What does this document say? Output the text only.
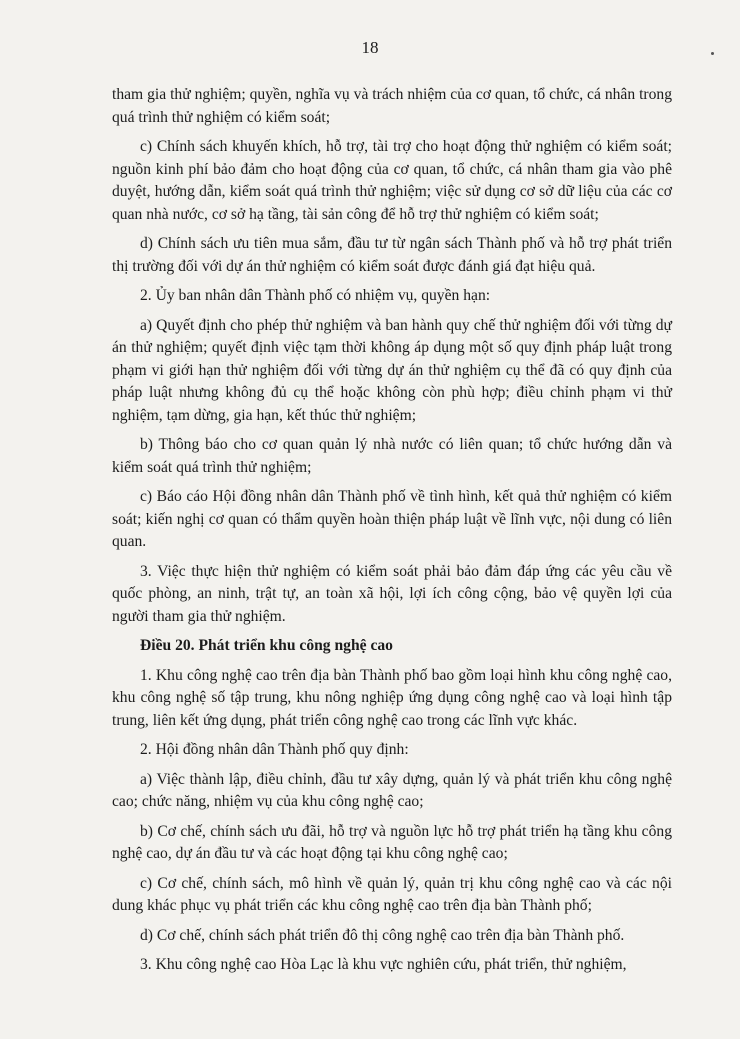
18

tham gia thử nghiệm; quyền, nghĩa vụ và trách nhiệm của cơ quan, tổ chức, cá nhân trong quá trình thử nghiệm có kiểm soát;

c) Chính sách khuyến khích, hỗ trợ, tài trợ cho hoạt động thử nghiệm có kiểm soát; nguồn kinh phí bảo đảm cho hoạt động của cơ quan, tổ chức, cá nhân tham gia vào phê duyệt, hướng dẫn, kiểm soát quá trình thử nghiệm; việc sử dụng cơ sở dữ liệu của các cơ quan nhà nước, cơ sở hạ tầng, tài sản công để hỗ trợ thử nghiệm có kiểm soát;

d) Chính sách ưu tiên mua sắm, đầu tư từ ngân sách Thành phố và hỗ trợ phát triển thị trường đối với dự án thử nghiệm có kiểm soát được đánh giá đạt hiệu quả.

2. Ủy ban nhân dân Thành phố có nhiệm vụ, quyền hạn:

a) Quyết định cho phép thử nghiệm và ban hành quy chế thử nghiệm đối với từng dự án thử nghiệm; quyết định việc tạm thời không áp dụng một số quy định pháp luật trong phạm vi giới hạn thử nghiệm đối với từng dự án thử nghiệm cụ thể đã có quy định của pháp luật nhưng không đủ cụ thể hoặc không còn phù hợp; điều chỉnh phạm vi thử nghiệm, tạm dừng, gia hạn, kết thúc thử nghiệm;

b) Thông báo cho cơ quan quản lý nhà nước có liên quan; tổ chức hướng dẫn và kiểm soát quá trình thử nghiệm;

c) Báo cáo Hội đồng nhân dân Thành phố về tình hình, kết quả thử nghiệm có kiểm soát; kiến nghị cơ quan có thẩm quyền hoàn thiện pháp luật về lĩnh vực, nội dung có liên quan.

3. Việc thực hiện thử nghiệm có kiểm soát phải bảo đảm đáp ứng các yêu cầu về quốc phòng, an ninh, trật tự, an toàn xã hội, lợi ích công cộng, bảo vệ quyền lợi của người tham gia thử nghiệm.

Điều 20. Phát triển khu công nghệ cao

1. Khu công nghệ cao trên địa bàn Thành phố bao gồm loại hình khu công nghệ cao, khu công nghệ số tập trung, khu nông nghiệp ứng dụng công nghệ cao và loại hình tập trung, liên kết ứng dụng, phát triển công nghệ cao trong các lĩnh vực khác.

2. Hội đồng nhân dân Thành phố quy định:

a) Việc thành lập, điều chỉnh, đầu tư xây dựng, quản lý và phát triển khu công nghệ cao; chức năng, nhiệm vụ của khu công nghệ cao;

b) Cơ chế, chính sách ưu đãi, hỗ trợ và nguồn lực hỗ trợ phát triển hạ tầng khu công nghệ cao, dự án đầu tư và các hoạt động tại khu công nghệ cao;

c) Cơ chế, chính sách, mô hình về quản lý, quản trị khu công nghệ cao và các nội dung khác phục vụ phát triển các khu công nghệ cao trên địa bàn Thành phố;

d) Cơ chế, chính sách phát triển đô thị công nghệ cao trên địa bàn Thành phố.

3. Khu công nghệ cao Hòa Lạc là khu vực nghiên cứu, phát triển, thử nghiệm,
